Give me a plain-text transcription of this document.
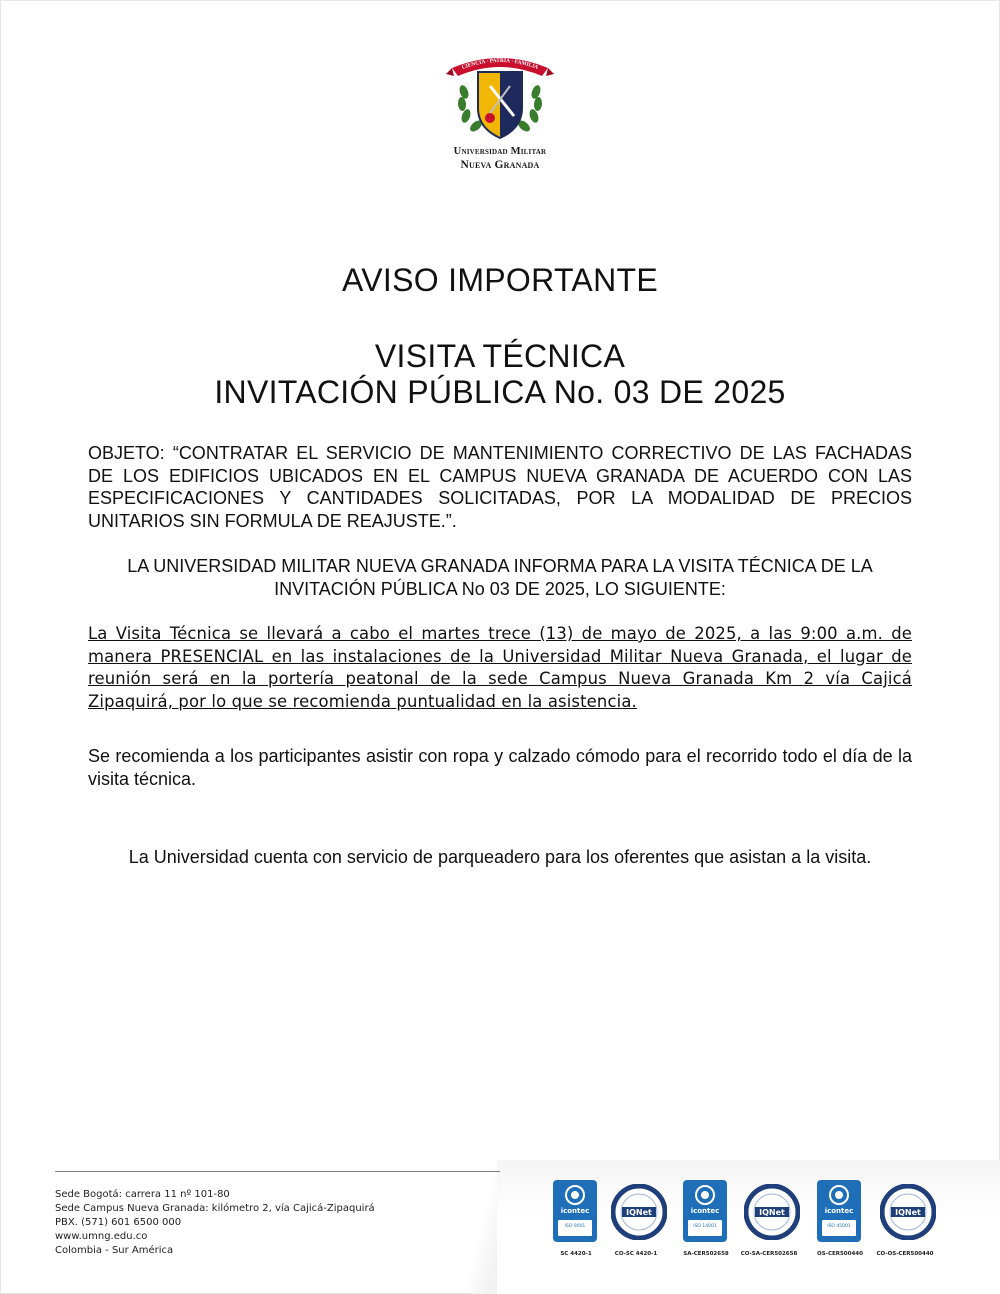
CIENCIA · PATRIA · FAMILIA
Universidad Militar
Nueva Granada
AVISO IMPORTANTE
VISITA TÉCNICA
INVITACIÓN PÚBLICA No. 03 DE 2025
OBJETO: “CONTRATAR EL SERVICIO DE MANTENIMIENTO CORRECTIVO DE LAS FACHADAS DE LOS EDIFICIOS UBICADOS EN EL CAMPUS NUEVA GRANADA DE ACUERDO CON LAS ESPECIFICACIONES Y CANTIDADES SOLICITADAS, POR LA MODALIDAD DE PRECIOS UNITARIOS SIN FORMULA DE REAJUSTE.”.
LA UNIVERSIDAD MILITAR NUEVA GRANADA INFORMA PARA LA VISITA TÉCNICA DE LA INVITACIÓN PÚBLICA No 03 DE 2025, LO SIGUIENTE:
La Visita Técnica se llevará a cabo el martes trece (13) de mayo de 2025, a las 9:00 a.m. de manera PRESENCIAL en las instalaciones de la Universidad Militar Nueva Granada, el lugar de reunión será en la portería peatonal de la sede Campus Nueva Granada Km 2 vía Cajicá Zipaquirá, por lo que se recomienda puntualidad en la asistencia.
Se recomienda a los participantes asistir con ropa y calzado cómodo para el recorrido todo el día de la visita técnica.
La Universidad cuenta con servicio de parqueadero para los oferentes que asistan a la visita.
Sede Bogotá: carrera 11 nº 101-80
Sede Campus Nueva Granada: kilómetro 2, vía Cajicá-Zipaquirá
PBX. (571) 601 6500 000
www.umng.edu.co
Colombia - Sur América
icontec
ISO 9001
SC 4420-1
IQNet
CO-SC 4420-1
icontec
ISO 14001
SA-CER502658
IQNet
CO-SA-CER502658
icontec
ISO 45001
OS-CER500440
IQNet
CO-OS-CER500440
